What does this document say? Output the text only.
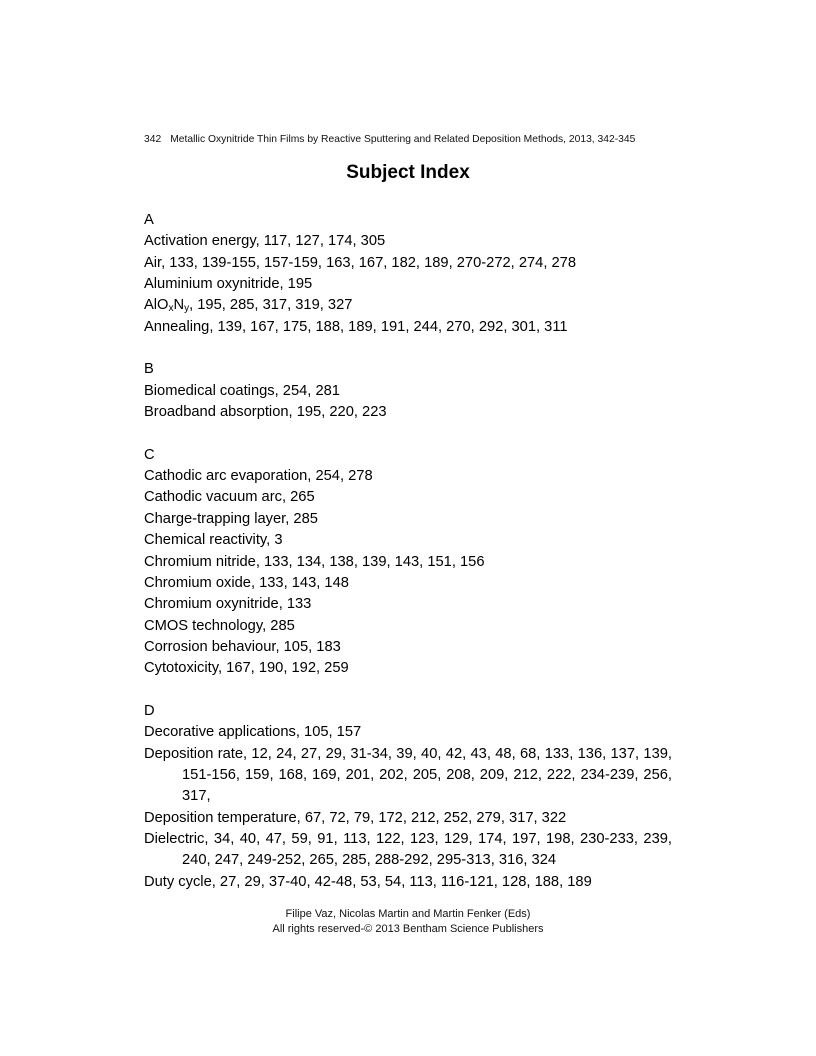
342 Metallic Oxynitride Thin Films by Reactive Sputtering and Related Deposition Methods, 2013, 342-345
Subject Index
A
Activation energy, 117, 127, 174, 305
Air, 133, 139-155, 157-159, 163, 167, 182, 189, 270-272, 274, 278
Aluminium oxynitride, 195
$AlO_xN_y$, 195, 285, 317, 319, 327
Annealing, 139, 167, 175, 188, 189, 191, 244, 270, 292, 301, 311
B
Biomedical coatings, 254, 281
Broadband absorption, 195, 220, 223
C
Cathodic arc evaporation, 254, 278
Cathodic vacuum arc, 265
Charge-trapping layer, 285
Chemical reactivity, 3
Chromium nitride, 133, 134, 138, 139, 143, 151, 156
Chromium oxide, 133, 143, 148
Chromium oxynitride, 133
CMOS technology, 285
Corrosion behaviour, 105, 183
Cytotoxicity, 167, 190, 192, 259
D
Decorative applications, 105, 157
Deposition rate, 12, 24, 27, 29, 31-34, 39, 40, 42, 43, 48, 68, 133, 136, 137, 139, 151-156, 159, 168, 169, 201, 202, 205, 208, 209, 212, 222, 234-239, 256, 317,
Deposition temperature, 67, 72, 79, 172, 212, 252, 279, 317, 322
Dielectric, 34, 40, 47, 59, 91, 113, 122, 123, 129, 174, 197, 198, 230-233, 239, 240, 247, 249-252, 265, 285, 288-292, 295-313, 316, 324
Duty cycle, 27, 29, 37-40, 42-48, 53, 54, 113, 116-121, 128, 188, 189
Filipe Vaz, Nicolas Martin and Martin Fenker (Eds)
All rights reserved-© 2013 Bentham Science Publishers
